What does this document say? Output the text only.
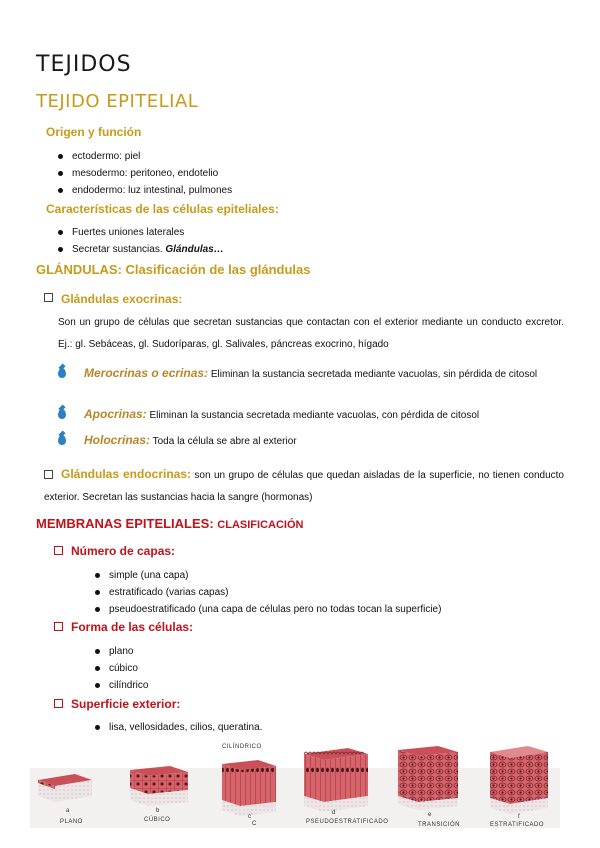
TEJIDOS
TEJIDO EPITELIAL
Origen y función
ectodermo: piel
mesodermo: peritoneo, endotelio
endodermo: luz intestinal, pulmones
Características de las células epiteliales:
Fuertes uniones laterales
Secretar sustancias. Glándulas…
GLÁNDULAS: Clasificación de las glándulas
Glándulas exocrinas:
Son un grupo de células que secretan sustancias que contactan con el exterior mediante un conducto excretor. Ej.: gl. Sebáceas, gl. Sudoríparas, gl. Salivales, páncreas exocrino, hígado
Merocrinas o ecrinas: Eliminan la sustancia secretada mediante vacuolas, sin pérdida de citosol
Apocrinas: Eliminan la sustancia secretada mediante vacuolas, con pérdida de citosol
Holocrinas: Toda la célula se abre al exterior
Glándulas endocrinas: son un grupo de células que quedan aisladas de la superficie, no tienen conducto exterior. Secretan las sustancias hacia la sangre (hormonas)
MEMBRANAS EPITELIALES: CLASIFICACIÓN
Número de capas:
simple (una capa)
estratificado (varias capas)
pseudoestratificado (una capa de células pero no todas tocan la superficie)
Forma de las células:
plano
cúbico
cilíndrico
Superficie exterior:
lisa, vellosidades, cilios, queratina.
CILÍNDRICO
a	b
c
d	e	f
PLANO	CÚBICO
C	PSEUDOESTRATIFICADO	TRANSICIÓN	ESTRATIFICADO
